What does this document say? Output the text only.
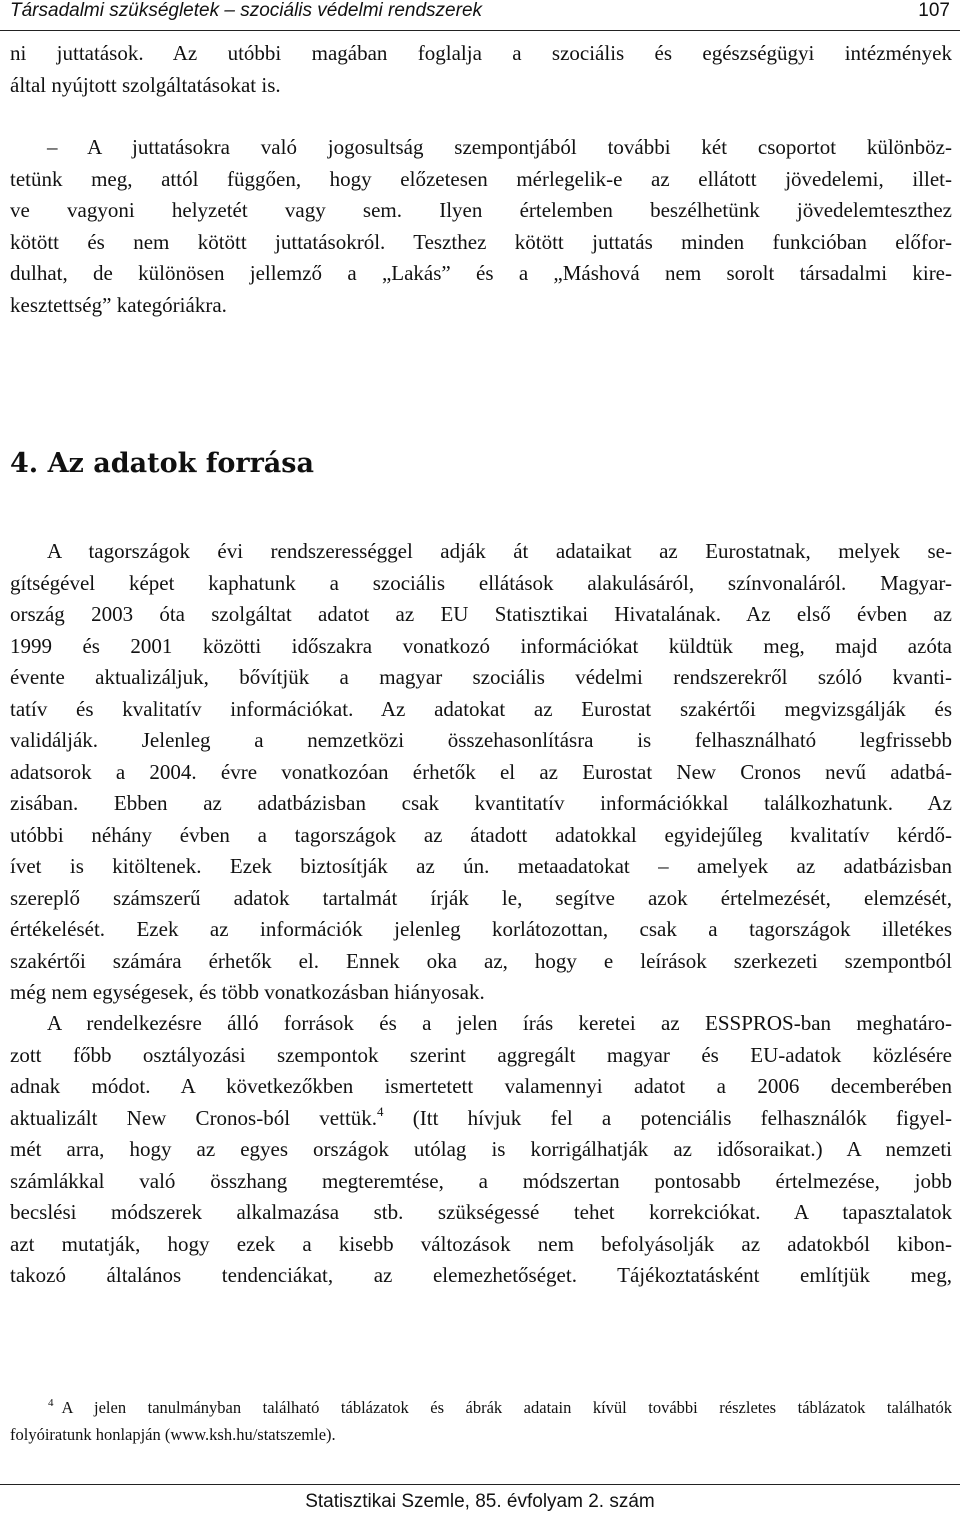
Társadalmi szükségletek – szociális védelmi rendszerek	107
ni juttatások. Az utóbbi magában foglalja a szociális és egészségügyi intézmények
által nyújtott szolgáltatásokat is.
– A juttatásokra való jogosultság szempontjából további két csoportot különböz-
tetünk meg, attól függően, hogy előzetesen mérlegelik-e az ellátott jövedelemi, illet-
ve vagyoni helyzetét vagy sem. Ilyen értelemben beszélhetünk jövedelemteszthez
kötött és nem kötött juttatásokról. Teszthez kötött juttatás minden funkcióban előfor-
dulhat, de különösen jellemző a „Lakás” és a „Máshová nem sorolt társadalmi kire-
kesztettség” kategóriákra.
4. Az adatok forrása
A tagországok évi rendszerességgel adják át adataikat az Eurostatnak, melyek se-
gítségével képet kaphatunk a szociális ellátások alakulásáról, színvonaláról. Magyar-
ország 2003 óta szolgáltat adatot az EU Statisztikai Hivatalának. Az első évben az
1999 és 2001 közötti időszakra vonatkozó információkat küldtük meg, majd azóta
évente aktualizáljuk, bővítjük a magyar szociális védelmi rendszerekről szóló kvanti-
tatív és kvalitatív információkat. Az adatokat az Eurostat szakértői megvizsgálják és
validálják. Jelenleg a nemzetközi összehasonlításra is felhasználható legfrissebb
adatsorok a 2004. évre vonatkozóan érhetők el az Eurostat New Cronos nevű adatbá-
zisában. Ebben az adatbázisban csak kvantitatív információkkal találkozhatunk. Az
utóbbi néhány évben a tagországok az átadott adatokkal egyidejűleg kvalitatív kérdő-
ívet is kitöltenek. Ezek biztosítják az ún. metaadatokat – amelyek az adatbázisban
szereplő számszerű adatok tartalmát írják le, segítve azok értelmezését, elemzését,
értékelését. Ezek az információk jelenleg korlátozottan, csak a tagországok illetékes
szakértői számára érhetők el. Ennek oka az, hogy e leírások szerkezeti szempontból
még nem egységesek, és több vonatkozásban hiányosak.
A rendelkezésre álló források és a jelen írás keretei az ESSPROS-ban meghatáro-
zott főbb osztályozási szempontok szerint aggregált magyar és EU-adatok közlésére
adnak módot. A következőkben ismertetett valamennyi adatot a 2006 decemberében
aktualizált New Cronos-ból vettük.$^4$ (Itt hívjuk fel a potenciális felhasználók figyel-
mét arra, hogy az egyes országok utólag is korrigálhatják az idősoraikat.) A nemzeti
számlákkal való összhang megteremtése, a módszertan pontosabb értelmezése, jobb
becslési módszerek alkalmazása stb. szükségessé tehet korrekciókat. A tapasztalatok
azt mutatják, hogy ezek a kisebb változások nem befolyásolják az adatokból kibon-
takozó általános tendenciákat, az elemezhetőséget. Tájékoztatásként említjük meg,
$^4$ A jelen tanulmányban található táblázatok és ábrák adatain kívül további részletes táblázatok találhatók
folyóiratunk honlapján (www.ksh.hu/statszemle).
Statisztikai Szemle, 85. évfolyam 2. szám
